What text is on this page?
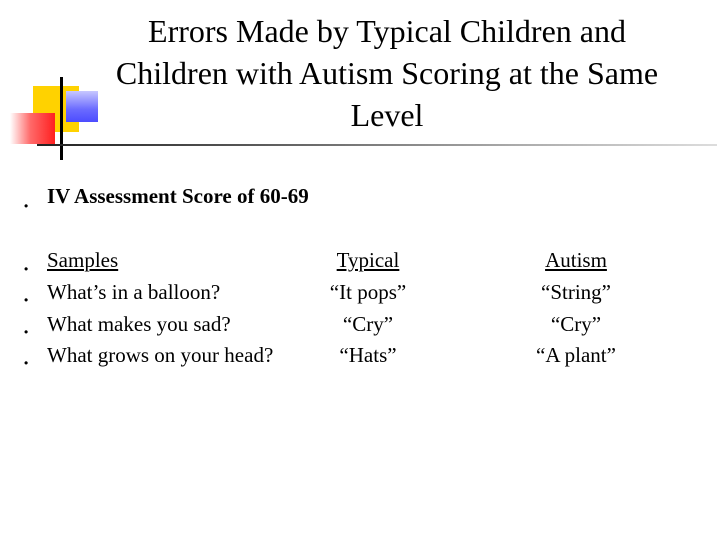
Errors Made by Typical Children and Children with Autism Scoring at the Same Level
• IV Assessment Score of 60-69
•
•
•
•
Samples	Typical	Autism
What’s in a balloon?	“It pops”	“String”
What makes you sad?	“Cry”	“Cry”
What grows on your head?	“Hats”	“A plant”
